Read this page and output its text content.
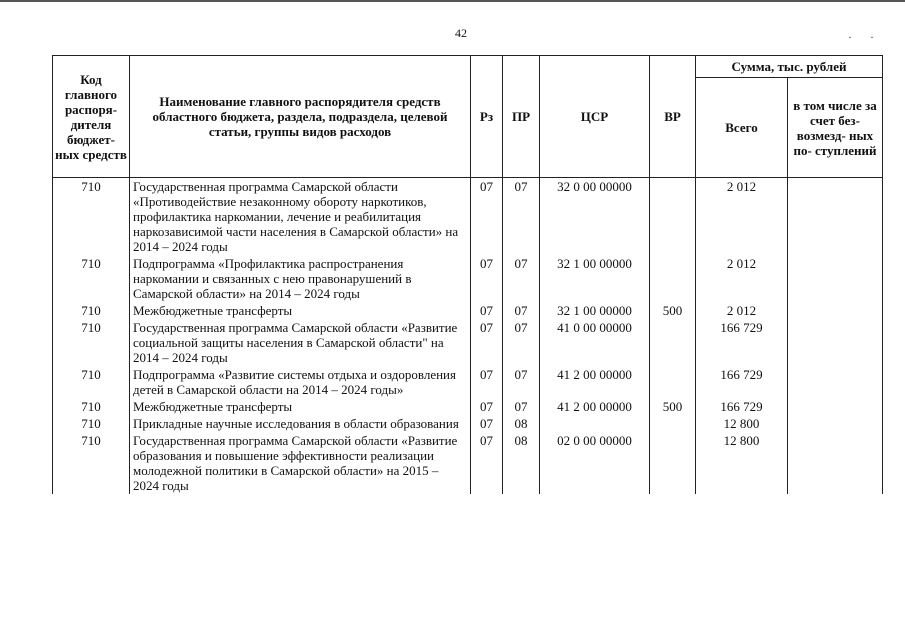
42	··
Код главного распоря- дителя бюджет- ных средств	Наименование главного распорядителя средств областного бюджета, раздела, подраздела, целевой статьи, группы видов расходов	Рз	ПР	ЦСР	ВР	Сумма, тыс. рублей	
						Всего	в том числе за счет без- возмезд- ных по- ступлений
710	Государственная программа Самарской области «Противодействие незаконному обороту наркотиков, профилактика наркомании, лечение и реабилитация наркозависимой части населения в Самарской области» на 2014 – 2024 годы	07	07	32 0 00 00000		2 012	
710	Подпрограмма «Профилактика распространения наркомании и связанных с нею правонарушений в Самарской области» на 2014 – 2024 годы	07	07	32 1 00 00000		2 012	
710	Межбюджетные трансферты	07	07	32 1 00 00000	500	2 012	
710	Государственная программа Самарской области «Развитие социальной защиты населения в Самарской области" на 2014 – 2024 годы	07	07	41 0 00 00000		166 729	
710	Подпрограмма «Развитие системы отдыха и оздоровления детей в Самарской области на 2014 – 2024 годы»	07	07	41 2 00 00000		166 729	
710	Межбюджетные трансферты	07	07	41 2 00 00000	500	166 729	
710	Прикладные научные исследования в области образования	07	08			12 800	
710	Государственная программа Самарской области «Развитие образования и повышение эффективности реализации молодежной политики в Самарской области» на 2015 – 2024 годы	07	08	02 0 00 00000		12 800	
